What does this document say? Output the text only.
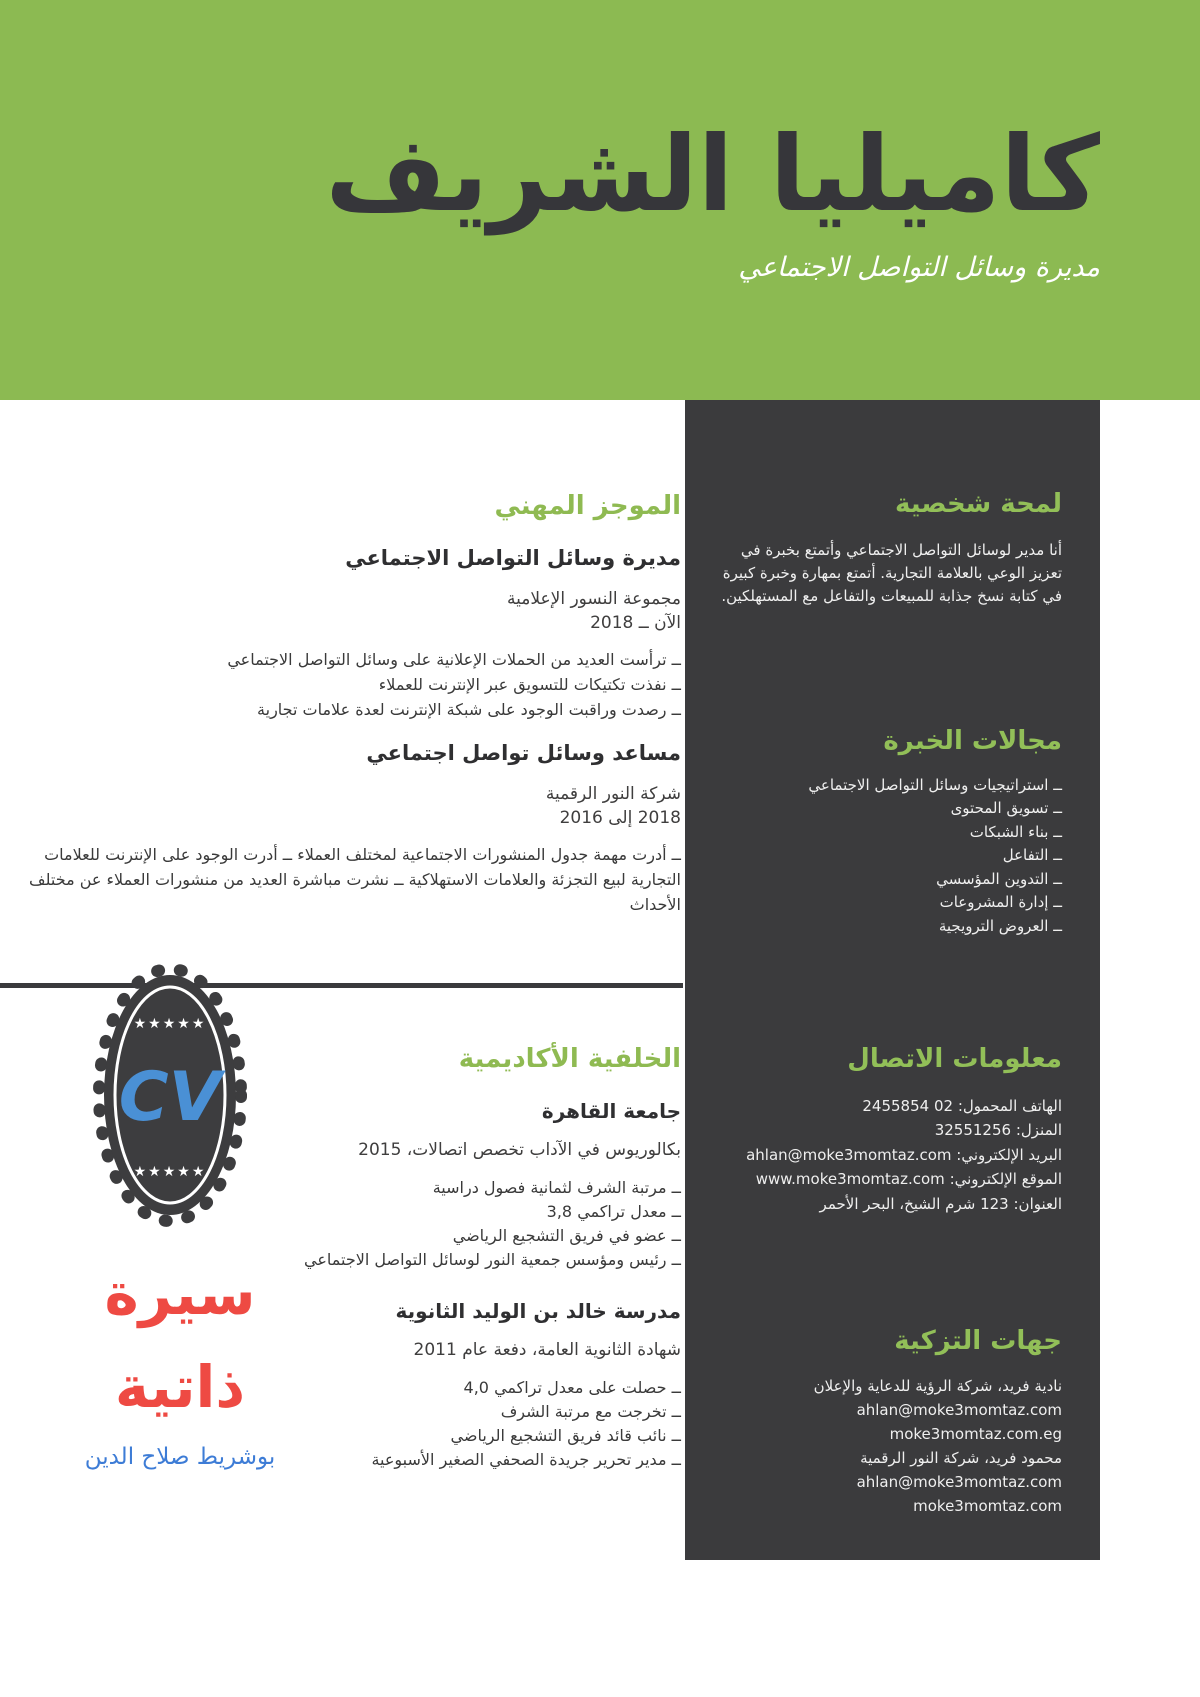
كاميليا الشريف
مديرة وسائل التواصل الاجتماعي
لمحة شخصية
أنا مدير لوسائل التواصل الاجتماعي وأتمتع بخبرة في تعزيز الوعي بالعلامة التجارية. أتمتع بمهارة وخبرة كبيرة في كتابة نسخ جذابة للمبيعات والتفاعل مع المستهلكين.
مجالات الخبرة
ــ استراتيجيات وسائل التواصل الاجتماعي
ــ تسويق المحتوى
ــ بناء الشبكات
ــ التفاعل
ــ التدوين المؤسسي
ــ إدارة المشروعات
ــ العروض الترويجية
معلومات الاتصال
الهاتف المحمول: 02 2455854
المنزل: 32551256
البريد الإلكتروني: ahlan@moke3momtaz.com
الموقع الإلكتروني: www.moke3momtaz.com
العنوان: 123 شرم الشيخ، البحر الأحمر
جهات التزكية
نادية فريد، شركة الرؤية للدعاية والإعلان
ahlan@moke3momtaz.com
moke3momtaz.com.eg
محمود فريد، شركة النور الرقمية
ahlan@moke3momtaz.com
moke3momtaz.com
الموجز المهني
مديرة وسائل التواصل الاجتماعي
مجموعة النسور الإعلامية
الآن ــ 2018
ــ ترأست العديد من الحملات الإعلانية على وسائل التواصل الاجتماعي
ــ نفذت تكتيكات للتسويق عبر الإنترنت للعملاء
ــ رصدت وراقبت الوجود على شبكة الإنترنت لعدة علامات تجارية
مساعد وسائل تواصل اجتماعي
شركة النور الرقمية
2018 إلى 2016
ــ أدرت مهمة جدول المنشورات الاجتماعية لمختلف العملاء ــ أدرت الوجود على الإنترنت للعلامات التجارية لبيع التجزئة والعلامات الاستهلاكية ــ نشرت مباشرة العديد من منشورات العملاء عن مختلف الأحداث
الخلفية الأكاديمية
جامعة القاهرة
بكالوريوس في الآداب تخصص اتصالات، 2015
ــ مرتبة الشرف لثمانية فصول دراسية
ــ معدل تراكمي 3,8
ــ عضو في فريق التشجيع الرياضي
ــ رئيس ومؤسس جمعية النور لوسائل التواصل الاجتماعي
مدرسة خالد بن الوليد الثانوية
شهادة الثانوية العامة، دفعة عام 2011
ــ حصلت على معدل تراكمي 4,0
ــ تخرجت مع مرتبة الشرف
ــ نائب قائد فريق التشجيع الرياضي
ــ مدير تحرير جريدة الصحفي الصغير الأسبوعية
★★★★★
CV
★★★★★
سيرة ذاتية
بوشريط صلاح الدين
